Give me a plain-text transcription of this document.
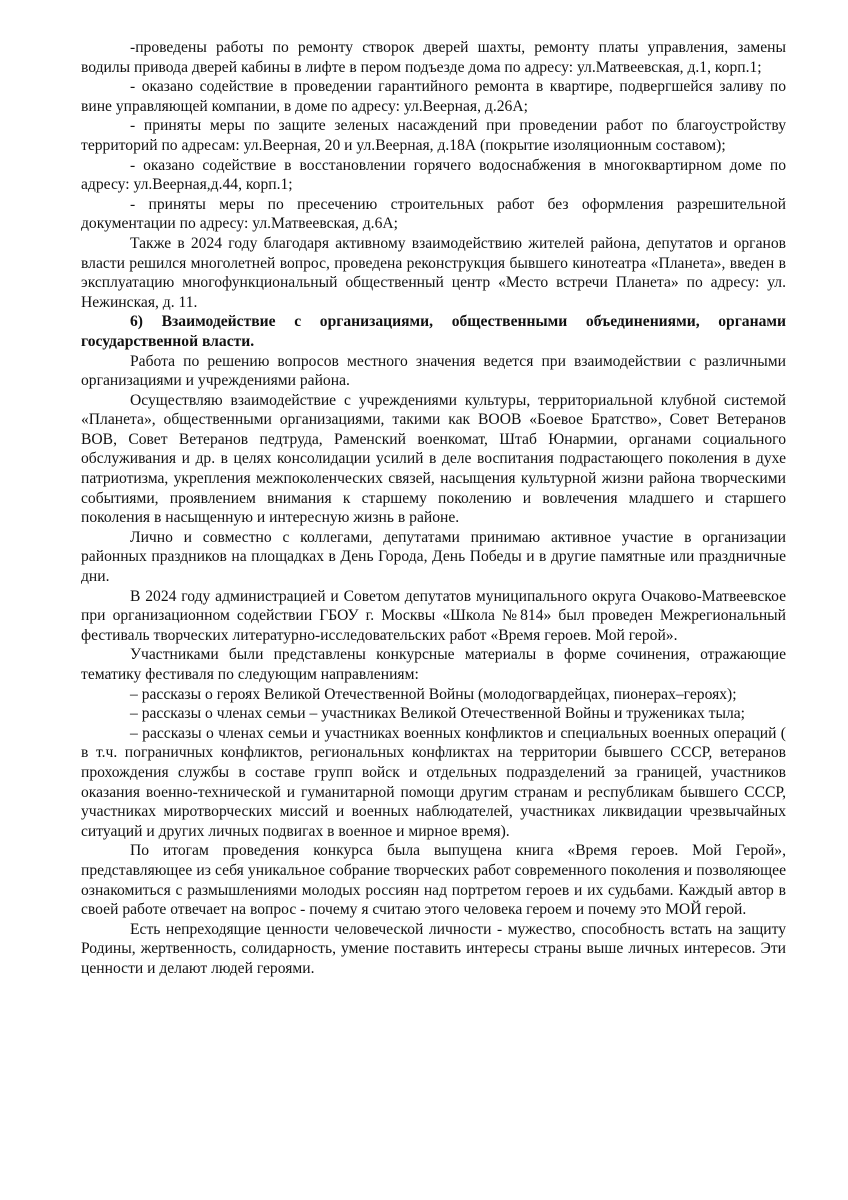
-проведены работы по ремонту створок дверей шахты, ремонту платы управления, замены водилы привода дверей кабины в лифте в пером подъезде дома по адресу: ул.Матвеевская, д.1, корп.1;

- оказано содействие в проведении гарантийного ремонта в квартире, подвергшейся заливу по вине управляющей компании, в доме по адресу: ул.Веерная, д.26А;

- приняты меры по защите зеленых насаждений при проведении работ по благоустройству территорий по адресам: ул.Веерная, 20 и ул.Веерная, д.18А (покрытие изоляционным составом);

- оказано содействие в восстановлении горячего водоснабжения в многоквартирном доме по адресу: ул.Веерная,д.44, корп.1;

- приняты меры по пресечению строительных работ без оформления разрешительной документации по адресу: ул.Матвеевская, д.6А;

Также в 2024 году благодаря активному взаимодействию жителей района, депутатов и органов власти решился многолетней вопрос, проведена реконструкция бывшего кинотеатра «Планета», введен в эксплуатацию многофункциональный общественный центр «Место встречи Планета» по адресу: ул. Нежинская, д. 11.

6) Взаимодействие с организациями, общественными объединениями, органами государственной власти.

Работа по решению вопросов местного значения ведется при взаимодействии с различными организациями и учреждениями района.

Осуществляю взаимодействие с учреждениями культуры, территориальной клубной системой «Планета», общественными организациями, такими как ВООВ «Боевое Братство», Совет Ветеранов ВОВ, Совет Ветеранов педтруда, Раменский военкомат, Штаб Юнармии, органами социального обслуживания и др. в целях консолидации усилий в деле воспитания подрастающего поколения в духе патриотизма, укрепления межпоколенческих связей, насыщения культурной жизни района творческими событиями, проявлением внимания к старшему поколению и вовлечения младшего и старшего поколения в насыщенную и интересную жизнь в районе.

Лично и совместно с коллегами, депутатами принимаю активное участие в организации районных праздников на площадках в День Города, День Победы и в другие памятные или праздничные дни.

В 2024 году администрацией и Советом депутатов муниципального округа Очаково-Матвеевское при организационном содействии ГБОУ г. Москвы «Школа №814» был проведен Межрегиональный фестиваль творческих литературно-исследовательских работ «Время героев. Мой герой».

Участниками были представлены конкурсные материалы в форме сочинения, отражающие тематику фестиваля по следующим направлениям:

– рассказы о героях Великой Отечественной Войны (молодогвардейцах, пионерах–героях);

– рассказы о членах семьи – участниках Великой Отечественной Войны и тружениках тыла;

– рассказы о членах семьи и участниках военных конфликтов и специальных военных операций ( в т.ч. пограничных конфликтов, региональных конфликтах на территории бывшего СССР, ветеранов прохождения службы в составе групп войск и отдельных подразделений за границей, участников оказания военно-технической и гуманитарной помощи другим странам и республикам бывшего СССР, участниках миротворческих миссий и военных наблюдателей, участниках ликвидации чрезвычайных ситуаций и других личных подвигах в военное и мирное время).

По итогам проведения конкурса была выпущена книга «Время героев. Мой Герой», представляющее из себя уникальное собрание творческих работ современного поколения и позволяющее ознакомиться с размышлениями молодых россиян над портретом героев и их судьбами. Каждый автор в своей работе отвечает на вопрос - почему я считаю этого человека героем и почему это МОЙ герой.

Есть непреходящие ценности человеческой личности - мужество, способность встать на защиту Родины, жертвенность, солидарность, умение поставить интересы страны выше личных интересов. Эти ценности и делают людей героями.
